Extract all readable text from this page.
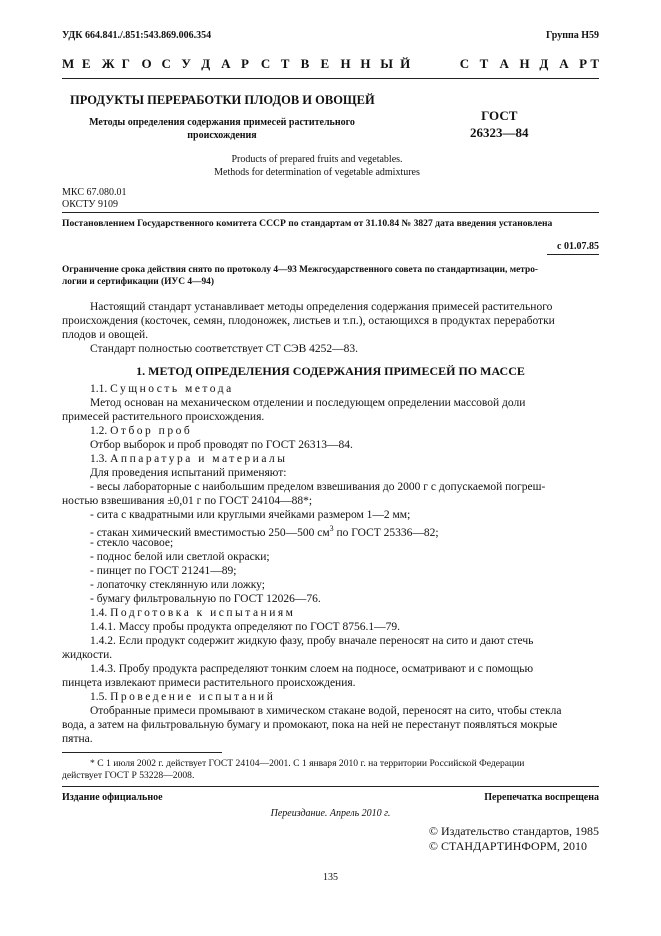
УДК 664.841./.851:543.869.006.354	Группа Н59
М Е Ж Г О С У Д А Р С Т В Е Н Н Ы Й	С Т А Н Д А Р Т
ПРОДУКТЫ ПЕРЕРАБОТКИ ПЛОДОВ И ОВОЩЕЙ
Методы определения содержания примесей растительного
происхождения
ГОСТ
26323—84
Products of prepared fruits and vegetables.
Methods for determination of vegetable admixtures
МКС 67.080.01
ОКСТУ 9109
Постановлением Государственного комитета СССР по стандартам от 31.10.84 № 3827 дата введения установлена
с 01.07.85
Ограничение срока действия снято по протоколу 4—93 Межгосударственного совета по стандартизации, метро-
логии и сертификации (ИУС 4—94)
Настоящий стандарт устанавливает методы определения содержания примесей растительного
происхождения (косточек, семян, плодоножек, листьев и т.п.), остающихся в продуктах переработки
плодов и овощей.
Стандарт полностью соответствует СТ СЭВ 4252—83.
1. МЕТОД ОПРЕДЕЛЕНИЯ СОДЕРЖАНИЯ ПРИМЕСЕЙ ПО МАССЕ
1.1. Сущность метода
Метод основан на механическом отделении и последующем определении массовой доли
примесей растительного происхождения.
1.2. Отбор проб
Отбор выборок и проб проводят по ГОСТ 26313—84.
1.3. Аппаратура и материалы
Для проведения испытаний применяют:
- весы лабораторные с наибольшим пределом взвешивания до 2000 г с допускаемой погреш-
ностью взвешивания ±0,01 г по ГОСТ 24104—88*;
- сита с квадратными или круглыми ячейками размером 1—2 мм;
- стакан химический вместимостью 250—500 $см^3$ по ГОСТ 25336—82;
- стекло часовое;
- поднос белой или светлой окраски;
- пинцет по ГОСТ 21241—89;
- лопаточку стеклянную или ложку;
- бумагу фильтровальную по ГОСТ 12026—76.
1.4. Подготовка к испытаниям
1.4.1. Массу пробы продукта определяют по ГОСТ 8756.1—79.
1.4.2. Если продукт содержит жидкую фазу, пробу вначале переносят на сито и дают стечь
жидкости.
1.4.3. Пробу продукта распределяют тонким слоем на подносе, осматривают и с помощью
пинцета извлекают примеси растительного происхождения.
1.5. Проведение испытаний
Отобранные примеси промывают в химическом стакане водой, переносят на сито, чтобы стекла
вода, а затем на фильтровальную бумагу и промокают, пока на ней не перестанут появляться мокрые
пятна.
* С 1 июля 2002 г. действует ГОСТ 24104—2001. С 1 января 2010 г. на территории Российской Федерации
действует ГОСТ Р 53228—2008.
Издание официальное	Перепечатка воспрещена
Переиздание. Апрель 2010 г.
© Издательство стандартов, 1985
© СТАНДАРТИНФОРМ, 2010
135
